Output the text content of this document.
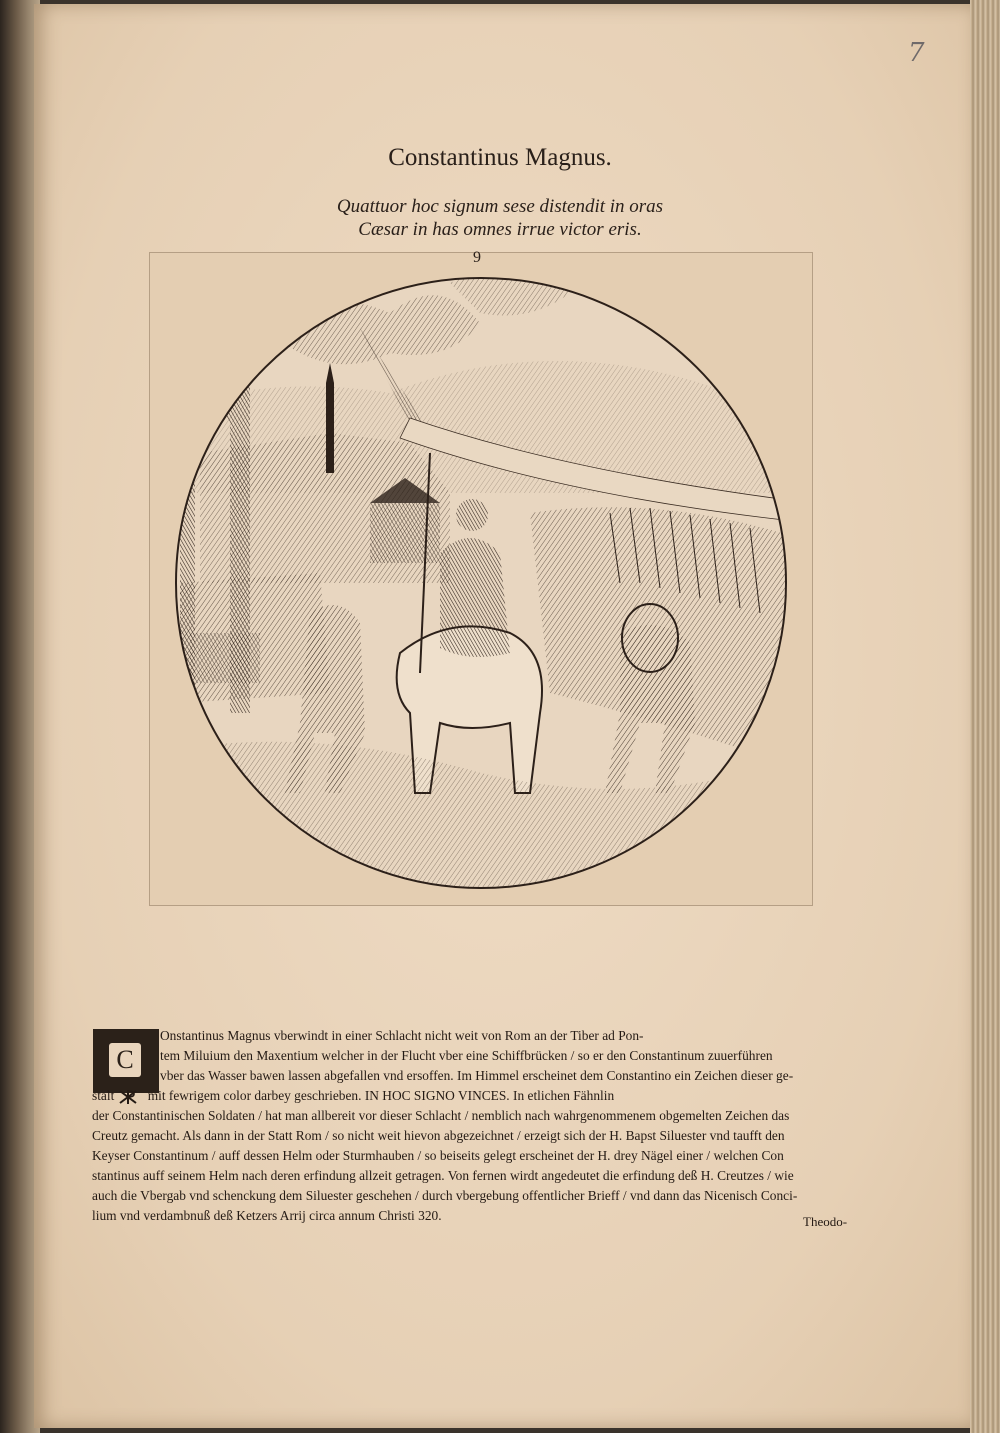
7
Constantinus Magnus.
Quattuor hoc signum sese distendit in oras
Cæsar in has omnes irrue victor eris.
9
C
Onstantinus Magnus vberwindt in einer Schlacht nicht weit von Rom an der Tiber ad Pon-
tem Miluium den Maxentium welcher in der Flucht vber eine Schiffbrücken / so er den Constantinum zuuerführen
vber das Wasser bawen lassen abgefallen vnd ersoffen. Im Himmel erscheinet dem Constantino ein Zeichen dieser ge-
stalt mit fewrigem color darbey geschrieben. IN HOC SIGNO VINCES. In etlichen Fähnlin
der Constantinischen Soldaten / hat man allbereit vor dieser Schlacht / nemblich nach wahrgenommenem obgemelten Zeichen das
Creutz gemacht. Als dann in der Statt Rom / so nicht weit hievon abgezeichnet / erzeigt sich der H. Bapst Siluester vnd taufft den
Keyser Constantinum / auff dessen Helm oder Sturmhauben / so beiseits gelegt erscheinet der H. drey Nägel einer / welchen Con
stantinus auff seinem Helm nach deren erfindung allzeit getragen. Von fernen wirdt angedeutet die erfindung deß H. Creutzes / wie
auch die Vbergab vnd schenckung dem Siluester geschehen / durch vbergebung offentlicher Brieff / vnd dann das Nicenisch Conci-
lium vnd verdambnuß deß Ketzers Arrij circa annum Christi 320.	Theodo-
